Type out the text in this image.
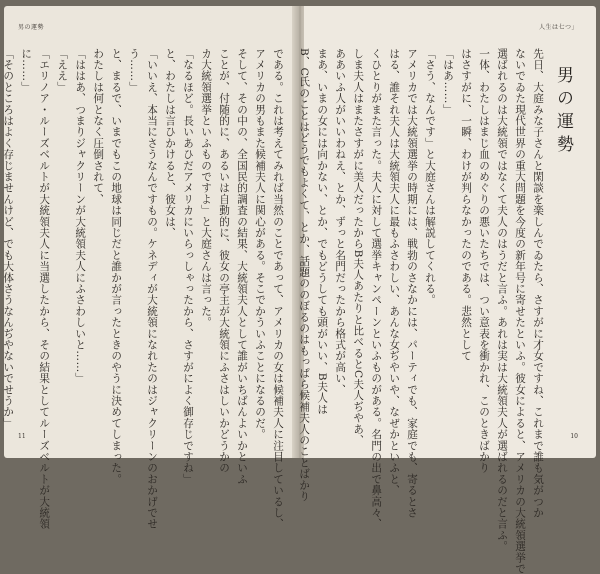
男の運勢
である。これは考えてみれば当然のことであって、アメリカの女は候補夫人に注目しているし、
アメリカの男もまた候補夫人に関心がある。そこでかういふことになるのだ。
そして、その中の、全国民的調査の結果、大統領夫人として誰がいちばんよいかといふ
ことが、付随的に、あるいは自動的に、彼女の亭主が大統領にふさはしいかどうかの
カ大統領選挙といふものですよ」と大庭さんは言った。
「なるほど。長いあひだアメリカにいらっしゃったから、さすがによく御存じですね」
と、わたしは言ひかけると、彼女は、
「いいえ、本当にさうなんですもの。ケネディが大統領になれたのはジャクリーンのおかげでせ
う……」
と、まるで、いまでもこの地球は同じだと誰かが言ったときのやうに決めてしまった。
わたしは何となく圧倒されて、
「ははあ、つまりジャクリーンが大統領夫人にふさわしいと……」
「ええ」
「エリノア・ルーズベルトが大統領夫人に当選したから、その結果としてルーズベルトが大統領
に……」
「そのところはよく存じませんけど、でも大体さうなんぢやないでせうか」
11
人生は七つ」
男の運勢
先日、大庭みな子さんと閑談を楽しんでゐたら、さすがに才女ですね、これまで誰も気がつか
ないでゐた現代世界の重大問題を今度の新年号に寄せたといふ。彼女によると、アメリカの大統領選挙で
選ばれるのは大統領ではなくて夫人のはうだと言ふ。あれは実は大統領夫人が選ばれるのだと言ふ。
一体、わたしはまじ血のめぐりの悪いたちでは、つい意表を衝かれ、このときばかり
はさすがに、一瞬、わけが判らなかったのである。悲然として
「はあ……」
「さう、なんです」と大庭さんは解説してくれる。
アメリカでは大統領選挙の時期には、戦勃のさなかには、パーティでも、家庭でも、寄るとさ
はる、誰それ夫人は大統領夫人に最もふさわしい、あんな女ぢやいや、なぜかといふと、
くひとりがまた言った。夫人に対して選挙キャンペーンといふものがある。名門の出で鼻高々、
しま夫人はまたさすがに美人だったからB夫人あたりと比べるとC夫人ぢやあ、
ああいふ人がいいわねえ、とか、ずっと名門だったから格式が高い、
まあ、いまの女には向かない、とか、でもどうしても頭がいい、B夫人は
B、C氏のことはどうでもよくて、とか、話題ののぼるのはもっぱら候補夫人のことばかり	10
